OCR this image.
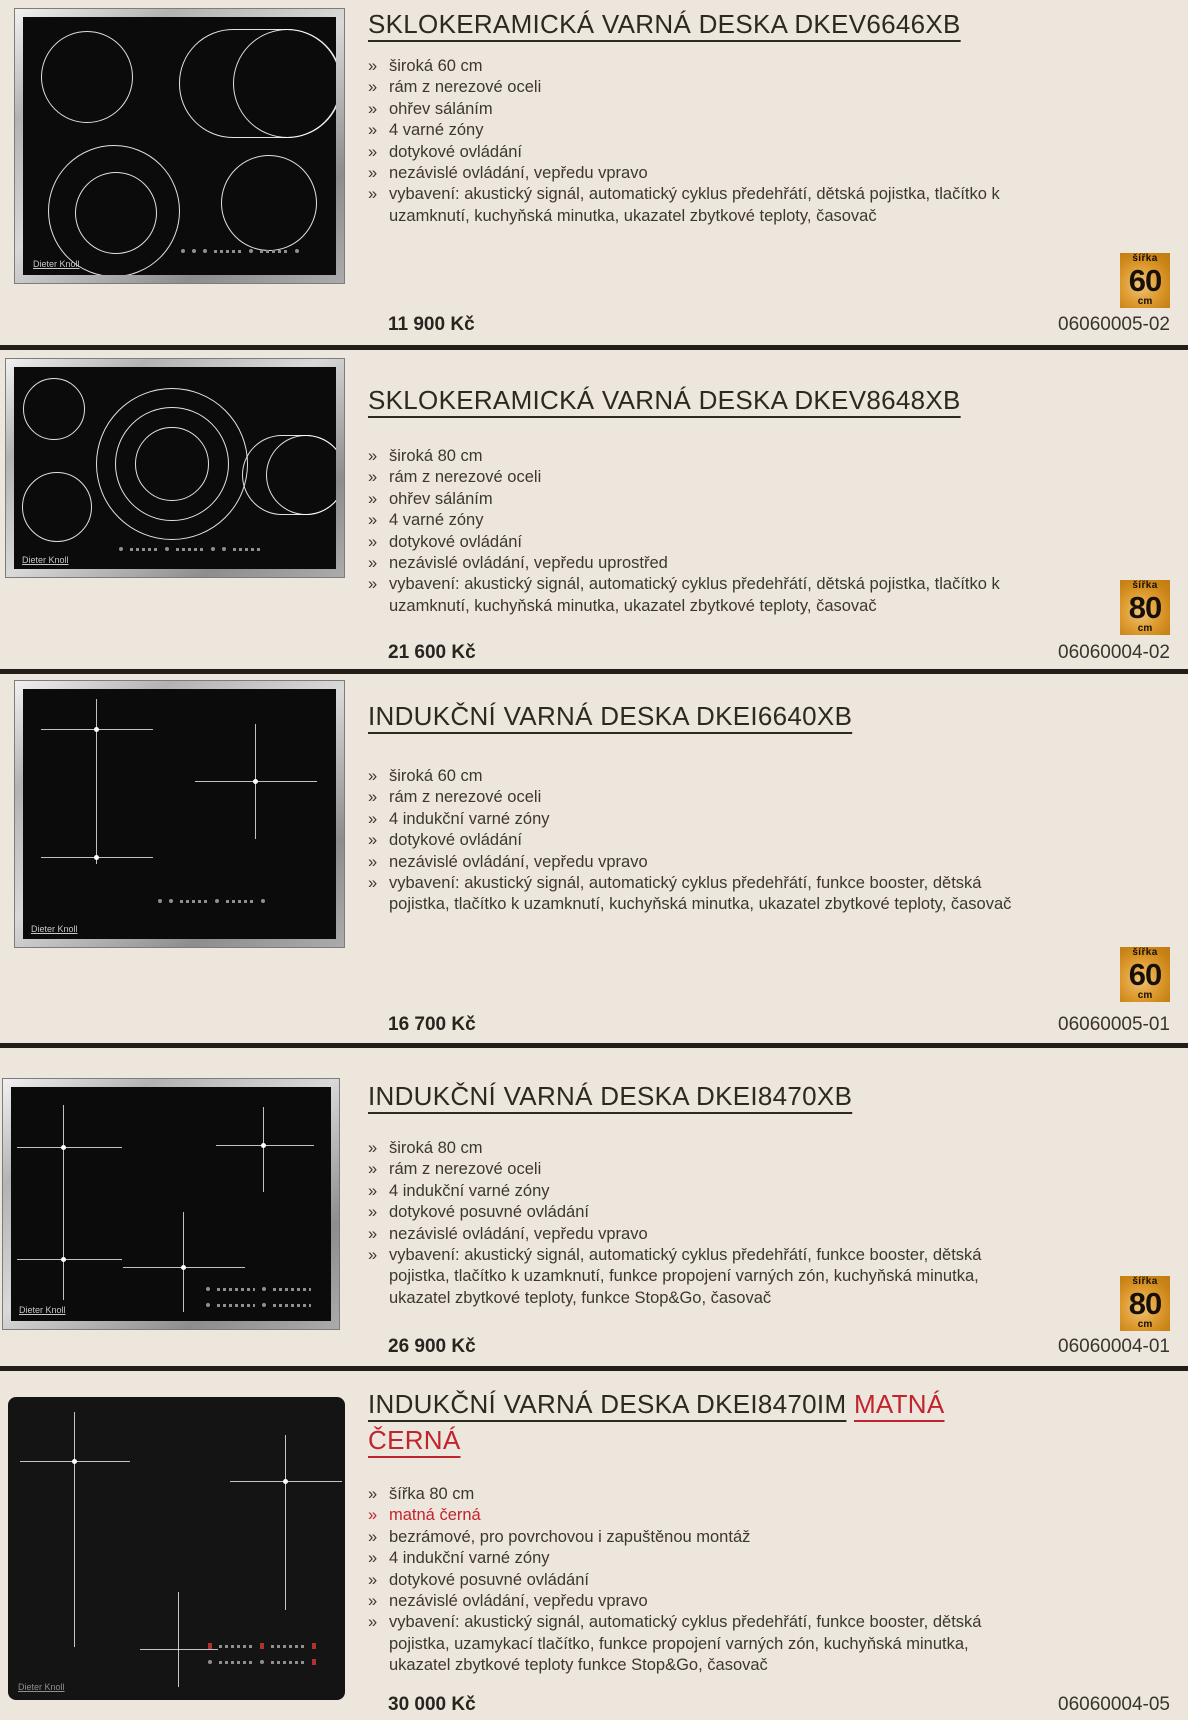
Dieter Knoll
SKLOKERAMICKÁ VARNÁ DESKA DKEV6646XB
» široká 60 cm
» rám z nerezové oceli
» ohřev sáláním
» 4 varné zóny
» dotykové ovládání
» nezávislé ovládání, vepředu vpravo
» vybavení: akustický signál, automatický cyklus předehřátí, dětská pojistka, tlačítko k uzamknutí, kuchyňská minutka, ukazatel zbytkové teploty, časovač
šířka
60
cm
11 900 Kč	06060005-02
Dieter Knoll
SKLOKERAMICKÁ VARNÁ DESKA DKEV8648XB
» široká 80 cm
» rám z nerezové oceli
» ohřev sáláním
» 4 varné zóny
» dotykové ovládání
» nezávislé ovládání, vepředu uprostřed
» vybavení: akustický signál, automatický cyklus předehřátí, dětská pojistka, tlačítko k uzamknutí, kuchyňská minutka, ukazatel zbytkové teploty, časovač
šířka
80
cm
21 600 Kč	06060004-02
Dieter Knoll
INDUKČNÍ VARNÁ DESKA DKEI6640XB
» široká 60 cm
» rám z nerezové oceli
» 4 indukční varné zóny
» dotykové ovládání
» nezávislé ovládání, vepředu vpravo
» vybavení: akustický signál, automatický cyklus předehřátí, funkce booster, dětská pojistka, tlačítko k uzamknutí, kuchyňská minutka, ukazatel zbytkové teploty, časovač
šířka
60
cm
16 700 Kč	06060005-01
Dieter Knoll
INDUKČNÍ VARNÁ DESKA DKEI8470XB
» široká 80 cm
» rám z nerezové oceli
» 4 indukční varné zóny
» dotykové posuvné ovládání
» nezávislé ovládání, vepředu vpravo
» vybavení: akustický signál, automatický cyklus předehřátí, funkce booster, dětská pojistka, tlačítko k uzamknutí, funkce propojení varných zón, kuchyňská minutka, ukazatel zbytkové teploty, funkce Stop&Go, časovač
šířka
80
cm
26 900 Kč	06060004-01
Dieter Knoll
INDUKČNÍ VARNÁ DESKA DKEI8470IM MATNÁ ČERNÁ
» šířka 80 cm
» matná černá
» bezrámové, pro povrchovou i zapuštěnou montáž
» 4 indukční varné zóny
» dotykové posuvné ovládání
» nezávislé ovládání, vepředu vpravo
» vybavení: akustický signál, automatický cyklus předehřátí, funkce booster, dětská pojistka, uzamykací tlačítko, funkce propojení varných zón, kuchyňská minutka, ukazatel zbytkové teploty funkce Stop&Go, časovač
30 000 Kč	06060004-05
